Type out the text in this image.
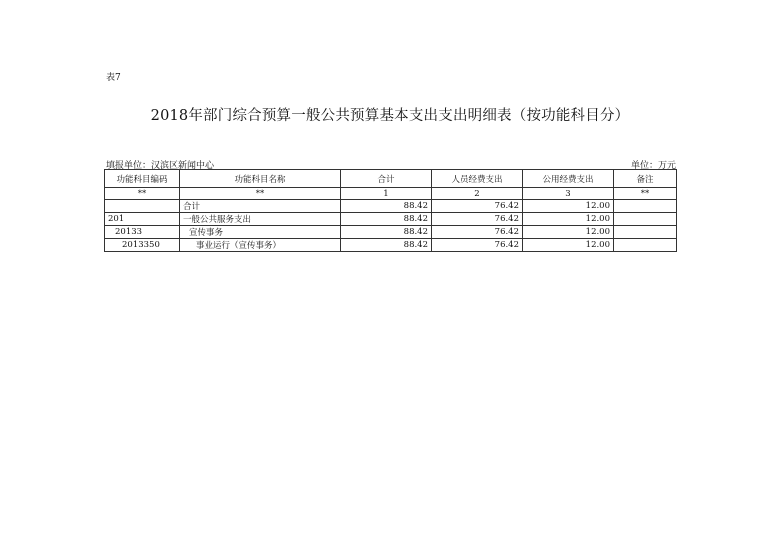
表7
2018年部门综合预算一般公共预算基本支出支出明细表（按功能科目分）
填报单位：汉滨区新闻中心	单位：万元
功能科目编码	功能科目名称	合计	人员经费支出	公用经费支出	备注
**	**	1	2	3	**
	合计	88.42	76.42	12.00	
201	一般公共服务支出	88.42	76.42	12.00	
20133	宣传事务	88.42	76.42	12.00	
2013350	事业运行（宣传事务）	88.42	76.42	12.00	
